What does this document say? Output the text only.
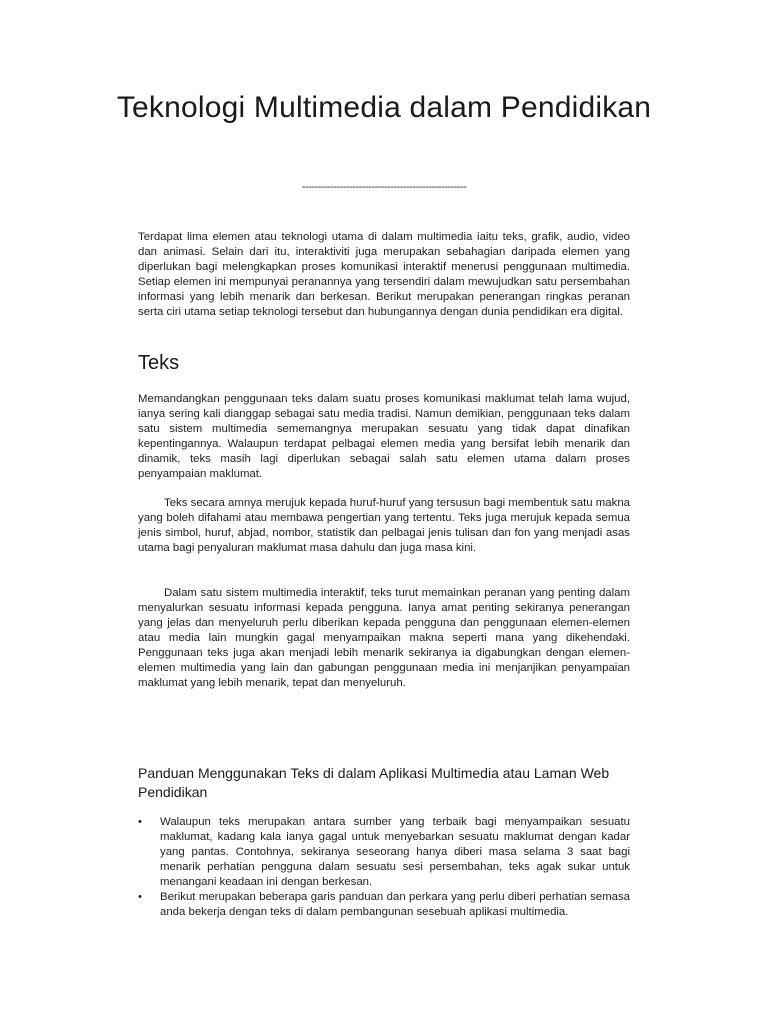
Teknologi Multimedia dalam Pendidikan
----------------------------------------------------

Terdapat lima elemen atau teknologi utama di dalam multimedia iaitu teks, grafik, audio, video dan animasi. Selain dari itu, interaktiviti juga merupakan sebahagian daripada elemen yang diperlukan bagi melengkapkan proses komunikasi interaktif menerusi penggunaan multimedia. Setiap elemen ini mempunyai peranannya yang tersendiri dalam mewujudkan satu persembahan informasi yang lebih menarik dan berkesan. Berikut merupakan penerangan ringkas peranan serta ciri utama setiap teknologi tersebut dan hubungannya dengan dunia pendidikan era digital.

Teks

Memandangkan penggunaan teks dalam suatu proses komunikasi maklumat telah lama wujud, ianya sering kali dianggap sebagai satu media tradisi. Namun demikian, penggunaan teks dalam satu sistem multimedia sememangnya merupakan sesuatu yang tidak dapat dinafikan kepentingannya. Walaupun terdapat pelbagai elemen media yang bersifat lebih menarik dan dinamik, teks masih lagi diperlukan sebagai salah satu elemen utama dalam proses penyampaian maklumat.

Teks secara amnya merujuk kepada huruf-huruf yang tersusun bagi membentuk satu makna yang boleh difahami atau membawa pengertian yang tertentu. Teks juga merujuk kepada semua jenis simbol, huruf, abjad, nombor, statistik dan pelbagai jenis tulisan dan fon yang menjadi asas utama bagi penyaluran maklumat masa dahulu dan juga masa kini.

Dalam satu sistem multimedia interaktif, teks turut memainkan peranan yang penting dalam menyalurkan sesuatu informasi kepada pengguna. Ianya amat penting sekiranya penerangan yang jelas dan menyeluruh perlu diberikan kepada pengguna dan penggunaan elemen-elemen atau media lain mungkin gagal menyampaikan makna seperti mana yang dikehendaki. Penggunaan teks juga akan menjadi lebih menarik sekiranya ia digabungkan dengan elemen-elemen multimedia yang lain dan gabungan penggunaan media ini menjanjikan penyampaian maklumat yang lebih menarik, tepat dan menyeluruh.

Panduan Menggunakan Teks di dalam Aplikasi Multimedia atau Laman Web Pendidikan
•	Walaupun teks merupakan antara sumber yang terbaik bagi menyampaikan sesuatu maklumat, kadang kala ianya gagal untuk menyebarkan sesuatu maklumat dengan kadar yang pantas. Contohnya, sekiranya seseorang hanya diberi masa selama 3 saat bagi menarik perhatian pengguna dalam sesuatu sesi persembahan, teks agak sukar untuk menangani keadaan ini dengan berkesan.
•	Berikut merupakan beberapa garis panduan dan perkara yang perlu diberi perhatian semasa anda bekerja dengan teks di dalam pembangunan sesebuah aplikasi multimedia.
